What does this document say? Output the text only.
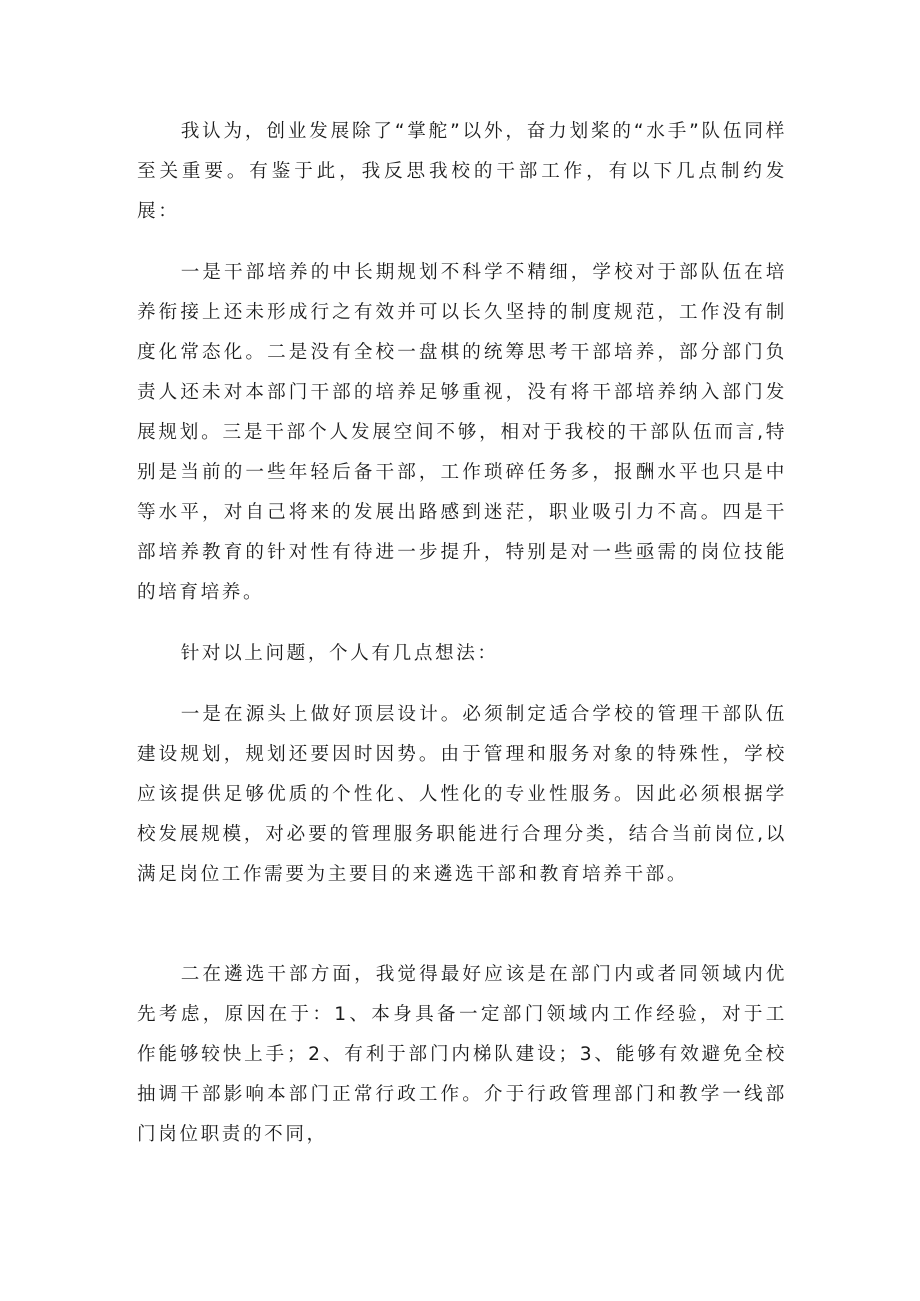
我认为，创业发展除了“掌舵”以外，奋力划桨的“水手”队伍同样至关重要。有鉴于此，我反思我校的干部工作，有以下几点制约发展：

一是干部培养的中长期规划不科学不精细，学校对于部队伍在培养衔接上还未形成行之有效并可以长久坚持的制度规范，工作没有制度化常态化。二是没有全校一盘棋的统筹思考干部培养，部分部门负责人还未对本部门干部的培养足够重视，没有将干部培养纳入部门发展规划。三是干部个人发展空间不够，相对于我校的干部队伍而言,特别是当前的一些年轻后备干部，工作琐碎任务多，报酬水平也只是中等水平，对自己将来的发展出路感到迷茫，职业吸引力不高。四是干部培养教育的针对性有待进一步提升，特别是对一些亟需的岗位技能的培育培养。

针对以上问题，个人有几点想法：

一是在源头上做好顶层设计。必须制定适合学校的管理干部队伍建设规划，规划还要因时因势。由于管理和服务对象的特殊性，学校应该提供足够优质的个性化、人性化的专业性服务。因此必须根据学校发展规模，对必要的管理服务职能进行合理分类，结合当前岗位,以满足岗位工作需要为主要目的来遴选干部和教育培养干部。

二在遴选干部方面，我觉得最好应该是在部门内或者同领域内优先考虑，原因在于：1、本身具备一定部门领域内工作经验，对于工作能够较快上手；2、有利于部门内梯队建设；3、能够有效避免全校抽调干部影响本部门正常行政工作。介于行政管理部门和教学一线部门岗位职责的不同，
